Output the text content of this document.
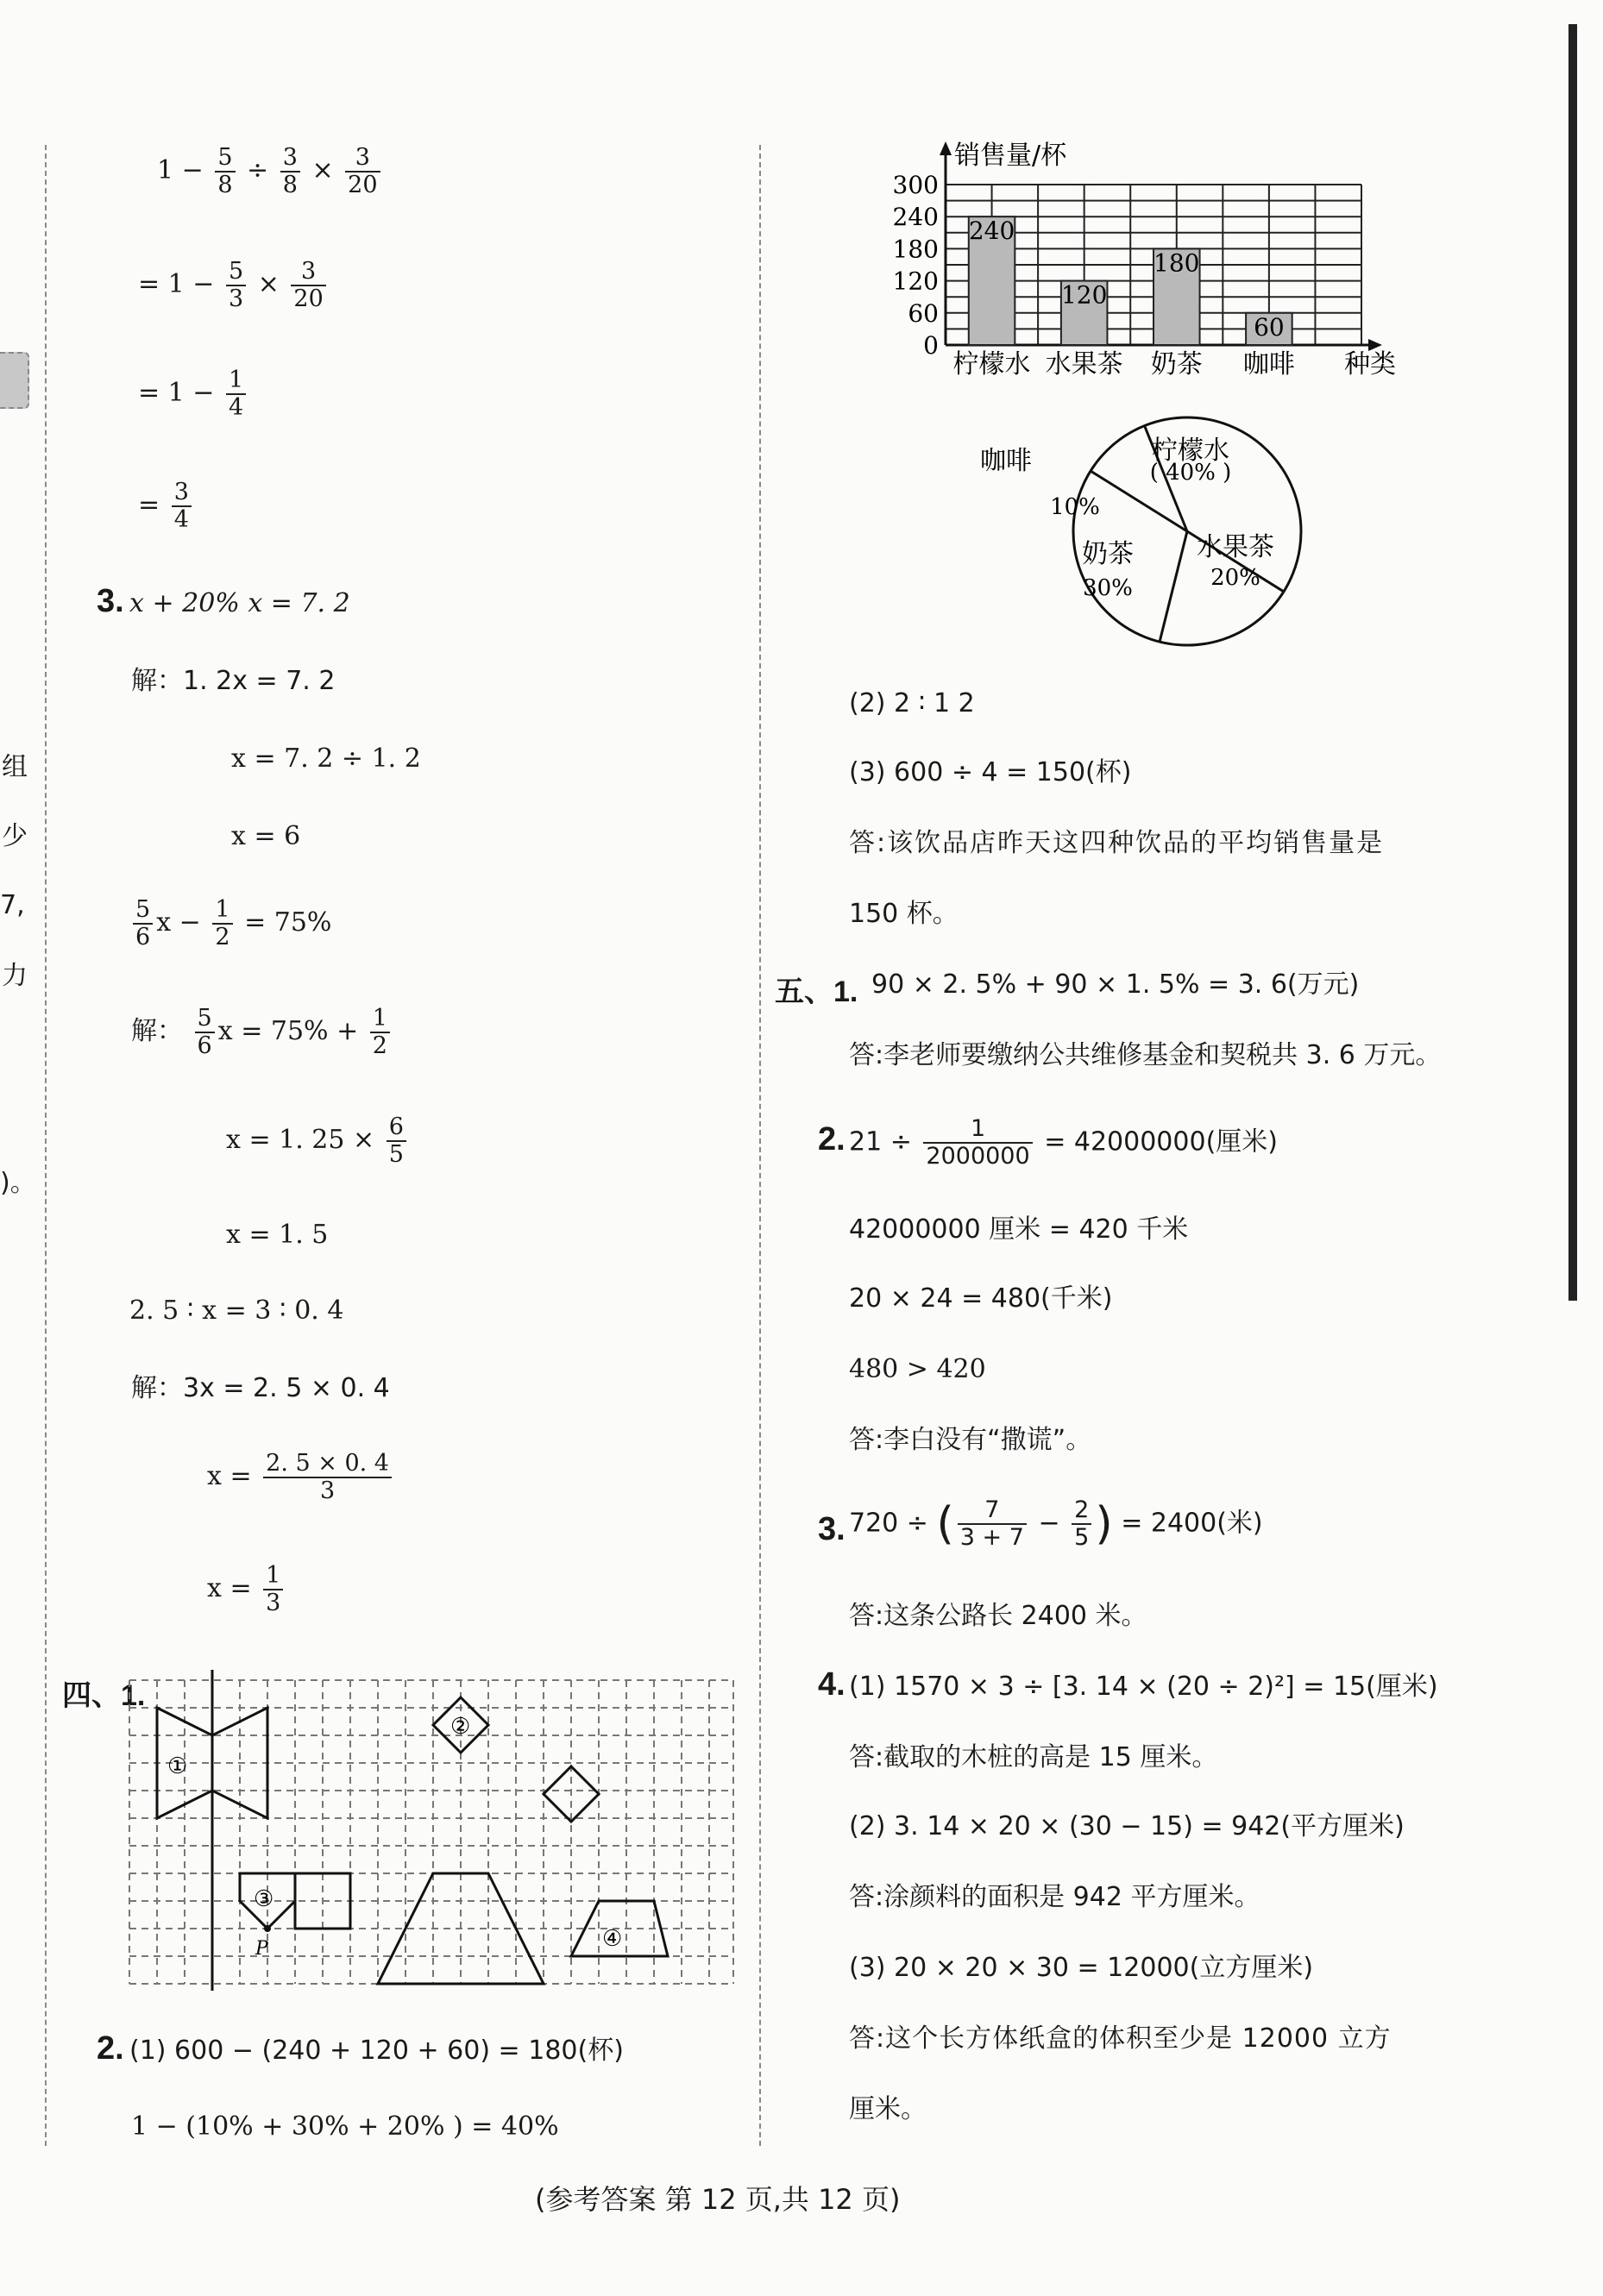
组
少
7,
力
)。
$1 - \frac{5}{8} \div \frac{3}{8} \times \frac{3}{20}$
= $1 - \frac{5}{3} \times \frac{3}{20}$
= $1 - \frac{1}{4}$
= $\frac{3}{4}$
3. x + 20% x = 7. 2
解：1. 2x = 7. 2
x = 7. 2 ÷ 1. 2
x = 6
$\frac{5}{6}$ $x - \frac{1}{2} = 75\%$
解： $\frac{5}{6}$ $x = 75\% + \frac{1}{2}$
x = 1. $25 \times \frac{6}{5}$
x = 1. 5
2. 5 ∶ x = 3 ∶ 0. 4
解：3x = 2. 5 × 0. 4
$x = \frac{2. 5 \times 0. 4}{3}$
$x = \frac{1}{3}$
四、1.
①
②
③
④
P
2. (1) 600 − (240 + 120 + 60) = 180(杯)
1 − (10% + 30% + 20% ) = 40%
销售量/杯
种类
0
60
120
180
240
300
240
柠檬水
120
水果茶
180
奶茶
60
咖啡
柠檬水
( 40% )
水果茶
20%
奶茶
30%
咖啡
10%
(2) 2 ∶ 1 2
(3) 600 ÷ 4 = 150(杯)
答:该饮品店昨天这四种饮品的平均销售量是
150 杯。
五、1. 90 × 2. 5% + 90 × 1. 5% = 3. 6(万元)
答:李老师要缴纳公共维修基金和契税共 3. 6 万元。
2. $21 \div \frac{1}{2000000} = 42000000$(厘米)
42000000 厘米 = 420 千米
20 × 24 = 480(千米)
480 > 420
答:李白没有“撒谎”。
3. 720 ÷ ( $\frac{7}{3 + 7} - \frac{2}{5}$ ) = 2400(米)
答:这条公路长 2400 米。
4. (1) 1570 × 3 ÷ [3. 14 × (20 ÷ 2)²] = 15(厘米)
答:截取的木桩的高是 15 厘米。
(2) 3. 14 × 20 × (30 − 15) = 942(平方厘米)
答:涂颜料的面积是 942 平方厘米。
(3) 20 × 20 × 30 = 12000(立方厘米)
答:这个长方体纸盒的体积至少是 12000 立方
厘米。
(参考答案 第 12 页,共 12 页)
